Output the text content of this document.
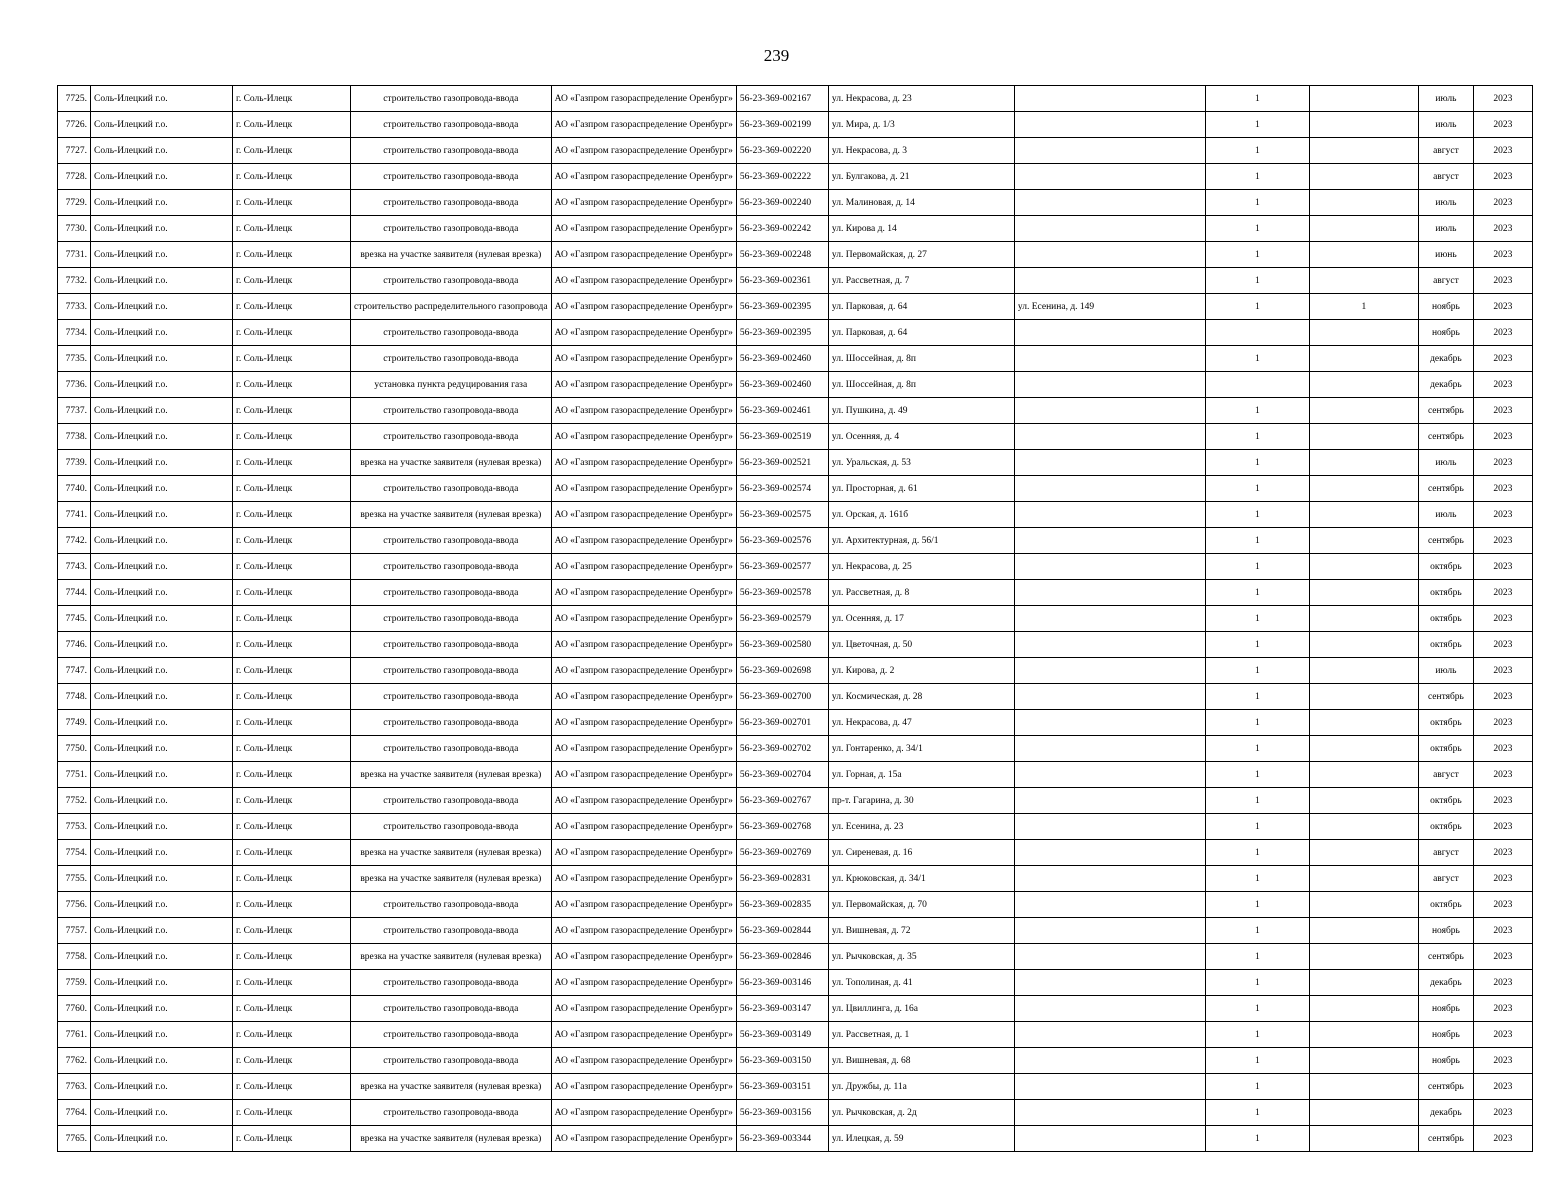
239
7725.	Соль-Илецкий г.о.	г. Соль-Илецк	строительство газопровода-ввода	АО «Газпром газораспределение Оренбург»	56-23-369-002167	ул. Некрасова, д. 23		1		июль	2023
7726.	Соль-Илецкий г.о.	г. Соль-Илецк	строительство газопровода-ввода	АО «Газпром газораспределение Оренбург»	56-23-369-002199	ул. Мира, д. 1/3		1		июль	2023
7727.	Соль-Илецкий г.о.	г. Соль-Илецк	строительство газопровода-ввода	АО «Газпром газораспределение Оренбург»	56-23-369-002220	ул. Некрасова, д. 3		1		август	2023
7728.	Соль-Илецкий г.о.	г. Соль-Илецк	строительство газопровода-ввода	АО «Газпром газораспределение Оренбург»	56-23-369-002222	ул. Булгакова, д. 21		1		август	2023
7729.	Соль-Илецкий г.о.	г. Соль-Илецк	строительство газопровода-ввода	АО «Газпром газораспределение Оренбург»	56-23-369-002240	ул. Малиновая, д. 14		1		июль	2023
7730.	Соль-Илецкий г.о.	г. Соль-Илецк	строительство газопровода-ввода	АО «Газпром газораспределение Оренбург»	56-23-369-002242	ул. Кирова д. 14		1		июль	2023
7731.	Соль-Илецкий г.о.	г. Соль-Илецк	врезка на участке заявителя (нулевая врезка)	АО «Газпром газораспределение Оренбург»	56-23-369-002248	ул. Первомайская, д. 27		1		июнь	2023
7732.	Соль-Илецкий г.о.	г. Соль-Илецк	строительство газопровода-ввода	АО «Газпром газораспределение Оренбург»	56-23-369-002361	ул. Рассветная, д. 7		1		август	2023
7733.	Соль-Илецкий г.о.	г. Соль-Илецк	строительство распределительного газопровода	АО «Газпром газораспределение Оренбург»	56-23-369-002395	ул. Парковая, д. 64	ул. Есенина, д. 149	1	1	ноябрь	2023
7734.	Соль-Илецкий г.о.	г. Соль-Илецк	строительство газопровода-ввода	АО «Газпром газораспределение Оренбург»	56-23-369-002395	ул. Парковая, д. 64				ноябрь	2023
7735.	Соль-Илецкий г.о.	г. Соль-Илецк	строительство газопровода-ввода	АО «Газпром газораспределение Оренбург»	56-23-369-002460	ул. Шоссейная, д. 8п		1		декабрь	2023
7736.	Соль-Илецкий г.о.	г. Соль-Илецк	установка пункта редуцирования газа	АО «Газпром газораспределение Оренбург»	56-23-369-002460	ул. Шоссейная, д. 8п				декабрь	2023
7737.	Соль-Илецкий г.о.	г. Соль-Илецк	строительство газопровода-ввода	АО «Газпром газораспределение Оренбург»	56-23-369-002461	ул. Пушкина, д. 49		1		сентябрь	2023
7738.	Соль-Илецкий г.о.	г. Соль-Илецк	строительство газопровода-ввода	АО «Газпром газораспределение Оренбург»	56-23-369-002519	ул. Осенняя, д. 4		1		сентябрь	2023
7739.	Соль-Илецкий г.о.	г. Соль-Илецк	врезка на участке заявителя (нулевая врезка)	АО «Газпром газораспределение Оренбург»	56-23-369-002521	ул. Уральская, д. 53		1		июль	2023
7740.	Соль-Илецкий г.о.	г. Соль-Илецк	строительство газопровода-ввода	АО «Газпром газораспределение Оренбург»	56-23-369-002574	ул. Просторная, д. 61		1		сентябрь	2023
7741.	Соль-Илецкий г.о.	г. Соль-Илецк	врезка на участке заявителя (нулевая врезка)	АО «Газпром газораспределение Оренбург»	56-23-369-002575	ул. Орская, д. 161б		1		июль	2023
7742.	Соль-Илецкий г.о.	г. Соль-Илецк	строительство газопровода-ввода	АО «Газпром газораспределение Оренбург»	56-23-369-002576	ул. Архитектурная, д. 56/1		1		сентябрь	2023
7743.	Соль-Илецкий г.о.	г. Соль-Илецк	строительство газопровода-ввода	АО «Газпром газораспределение Оренбург»	56-23-369-002577	ул. Некрасова, д. 25		1		октябрь	2023
7744.	Соль-Илецкий г.о.	г. Соль-Илецк	строительство газопровода-ввода	АО «Газпром газораспределение Оренбург»	56-23-369-002578	ул. Рассветная, д. 8		1		октябрь	2023
7745.	Соль-Илецкий г.о.	г. Соль-Илецк	строительство газопровода-ввода	АО «Газпром газораспределение Оренбург»	56-23-369-002579	ул. Осенняя, д. 17		1		октябрь	2023
7746.	Соль-Илецкий г.о.	г. Соль-Илецк	строительство газопровода-ввода	АО «Газпром газораспределение Оренбург»	56-23-369-002580	ул. Цветочная, д. 50		1		октябрь	2023
7747.	Соль-Илецкий г.о.	г. Соль-Илецк	строительство газопровода-ввода	АО «Газпром газораспределение Оренбург»	56-23-369-002698	ул. Кирова, д. 2		1		июль	2023
7748.	Соль-Илецкий г.о.	г. Соль-Илецк	строительство газопровода-ввода	АО «Газпром газораспределение Оренбург»	56-23-369-002700	ул. Космическая, д. 28		1		сентябрь	2023
7749.	Соль-Илецкий г.о.	г. Соль-Илецк	строительство газопровода-ввода	АО «Газпром газораспределение Оренбург»	56-23-369-002701	ул. Некрасова, д. 47		1		октябрь	2023
7750.	Соль-Илецкий г.о.	г. Соль-Илецк	строительство газопровода-ввода	АО «Газпром газораспределение Оренбург»	56-23-369-002702	ул. Гонтаренко, д. 34/1		1		октябрь	2023
7751.	Соль-Илецкий г.о.	г. Соль-Илецк	врезка на участке заявителя (нулевая врезка)	АО «Газпром газораспределение Оренбург»	56-23-369-002704	ул. Горная, д. 15а		1		август	2023
7752.	Соль-Илецкий г.о.	г. Соль-Илецк	строительство газопровода-ввода	АО «Газпром газораспределение Оренбург»	56-23-369-002767	пр-т. Гагарина, д. 30		1		октябрь	2023
7753.	Соль-Илецкий г.о.	г. Соль-Илецк	строительство газопровода-ввода	АО «Газпром газораспределение Оренбург»	56-23-369-002768	ул. Есенина, д. 23		1		октябрь	2023
7754.	Соль-Илецкий г.о.	г. Соль-Илецк	врезка на участке заявителя (нулевая врезка)	АО «Газпром газораспределение Оренбург»	56-23-369-002769	ул. Сиреневая, д. 16		1		август	2023
7755.	Соль-Илецкий г.о.	г. Соль-Илецк	врезка на участке заявителя (нулевая врезка)	АО «Газпром газораспределение Оренбург»	56-23-369-002831	ул. Крюковская, д. 34/1		1		август	2023
7756.	Соль-Илецкий г.о.	г. Соль-Илецк	строительство газопровода-ввода	АО «Газпром газораспределение Оренбург»	56-23-369-002835	ул. Первомайская, д. 70		1		октябрь	2023
7757.	Соль-Илецкий г.о.	г. Соль-Илецк	строительство газопровода-ввода	АО «Газпром газораспределение Оренбург»	56-23-369-002844	ул. Вишневая, д. 72		1		ноябрь	2023
7758.	Соль-Илецкий г.о.	г. Соль-Илецк	врезка на участке заявителя (нулевая врезка)	АО «Газпром газораспределение Оренбург»	56-23-369-002846	ул. Рычковская, д. 35		1		сентябрь	2023
7759.	Соль-Илецкий г.о.	г. Соль-Илецк	строительство газопровода-ввода	АО «Газпром газораспределение Оренбург»	56-23-369-003146	ул. Тополиная, д. 41		1		декабрь	2023
7760.	Соль-Илецкий г.о.	г. Соль-Илецк	строительство газопровода-ввода	АО «Газпром газораспределение Оренбург»	56-23-369-003147	ул. Цвиллинга, д. 16а		1		ноябрь	2023
7761.	Соль-Илецкий г.о.	г. Соль-Илецк	строительство газопровода-ввода	АО «Газпром газораспределение Оренбург»	56-23-369-003149	ул. Рассветная, д. 1		1		ноябрь	2023
7762.	Соль-Илецкий г.о.	г. Соль-Илецк	строительство газопровода-ввода	АО «Газпром газораспределение Оренбург»	56-23-369-003150	ул. Вишневая, д. 68		1		ноябрь	2023
7763.	Соль-Илецкий г.о.	г. Соль-Илецк	врезка на участке заявителя (нулевая врезка)	АО «Газпром газораспределение Оренбург»	56-23-369-003151	ул. Дружбы, д. 11а		1		сентябрь	2023
7764.	Соль-Илецкий г.о.	г. Соль-Илецк	строительство газопровода-ввода	АО «Газпром газораспределение Оренбург»	56-23-369-003156	ул. Рычковская, д. 2д		1		декабрь	2023
7765.	Соль-Илецкий г.о.	г. Соль-Илецк	врезка на участке заявителя (нулевая врезка)	АО «Газпром газораспределение Оренбург»	56-23-369-003344	ул. Илецкая, д. 59		1		сентябрь	2023
